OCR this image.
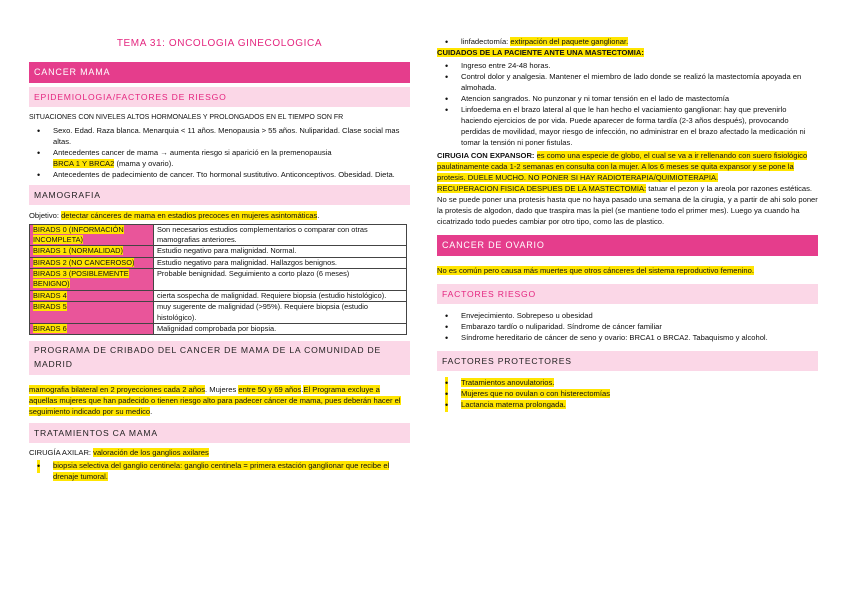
TEMA 31: ONCOLOGIA GINECOLOGICA
CANCER MAMA
EPIDEMIOLOGIA/FACTORES DE RIESGO
SITUACIONES CON NIVELES ALTOS HORMONALES Y PROLONGADOS EN EL TIEMPO SON FR
• Sexo. Edad. Raza blanca. Menarquia < 11 años. Menopausia > 55 años. Nuliparidad. Clase social mas altas.
• Antecedentes cancer de mama → aumenta riesgo si aparició en la premenopausia
BRCA 1 Y BRCA2 (mama y ovario).
• Antecedentes de padecimiento de cancer. Tto hormonal sustitutivo. Anticonceptivos. Obesidad. Dieta.
MAMOGRAFIA
Objetivo: detectar cánceres de mama en estadios precoces en mujeres asintomáticas.
BIRADS 0 (INFORMACIÓN INCOMPLETA)	Son necesarios estudios complementarios o comparar con otras mamografias anteriores.
BIRADS 1 (NORMALIDAD)	Estudio negativo para malignidad. Normal.
BIRADS 2 (NO CANCEROSO)	Estudio negativo para malignidad. Hallazgos benignos.
BIRADS 3 (POSIBLEMENTE BENIGNO)	Probable benignidad. Seguimiento a corto plazo (6 meses)
BIRADS 4	cierta sospecha de malignidad. Requiere biopsia (estudio histológico).
BIRADS 5	muy sugerente de malignidad (>95%). Requiere biopsia (estudio histológico).
BIRADS 6	Malignidad comprobada por biopsia.
PROGRAMA DE CRIBADO DEL CANCER DE MAMA DE LA COMUNIDAD DE MADRID
mamografia bilateral en 2 proyecciones cada 2 años. Mujeres entre 50 y 69 años El Programa excluye a aquellas mujeres que han padecido o tienen riesgo alto para padecer cáncer de mama, pues deberán hacer el seguimiento indicado por su medico.
TRATAMIENTOS CA MAMA
CIRUGÍA AXILAR: valoración de los ganglios axilares
• biopsia selectiva del ganglio centinela: ganglio centinela = primera estación ganglionar que recibe el drenaje tumoral.
• linfadectomía: extirpación del paquete ganglionar.
CUIDADOS DE LA PACIENTE ANTE UNA MASTECTOMIA:
• Ingreso entre 24-48 horas.
• Control dolor y analgesia. Mantener el miembro de lado donde se realizó la mastectomía apoyada en almohada.
• Atencion sangrados. No punzonar y ni tomar tensión en el lado de mastectomía
• Linfoedema en el brazo lateral al que le han hecho el vaciamiento ganglionar: hay que prevenirlo haciendo ejercicios de por vida. Puede aparecer de forma tardía (2-3 años después), provocando perdidas de movilidad, mayor riesgo de infección, no administrar en el brazo afectado la medicación ni tomar la tensión ni poner fistulas.
CIRUGIA CON EXPANSOR: es como una especie de globo, el cual se va a ir rellenando con suero fisiológico paulatinamente cada 1-2 semanas en consulta con la mujer. A los 6 meses se quita expansor y se pone la protesis. DUELE MUCHO. NO PONER SI HAY RADIOTERAPIA/QUIMIOTERAPIA.
RECUPERACION FISICA DESPUES DE LA MASTECTOMIA: tatuar el pezon y la areola por razones estéticas. No se puede poner una protesis hasta que no haya pasado una semana de la cirugia, y a partir de ahi solo poner la protesis de algodon, dado que traspira mas la piel (se mantiene todo el primer mes). Luego ya cuando ha cicatrizado todo puedes cambiar por otro tipo, como las de plastico.
CANCER DE OVARIO
No es común pero causa más muertes que otros cánceres del sistema reproductivo femenino.
FACTORES RIESGO
• Envejecimiento. Sobrepeso u obesidad
• Embarazo tardío o nuliparidad. Síndrome de cáncer familiar
• Síndrome hereditario de cáncer de seno y ovario: BRCA1 o BRCA2. Tabaquismo y alcohol.
FACTORES PROTECTORES
• Tratamientos anovulatorios.
• Mujeres que no ovulan o con histerectomías
• Lactancia materna prolongada.
